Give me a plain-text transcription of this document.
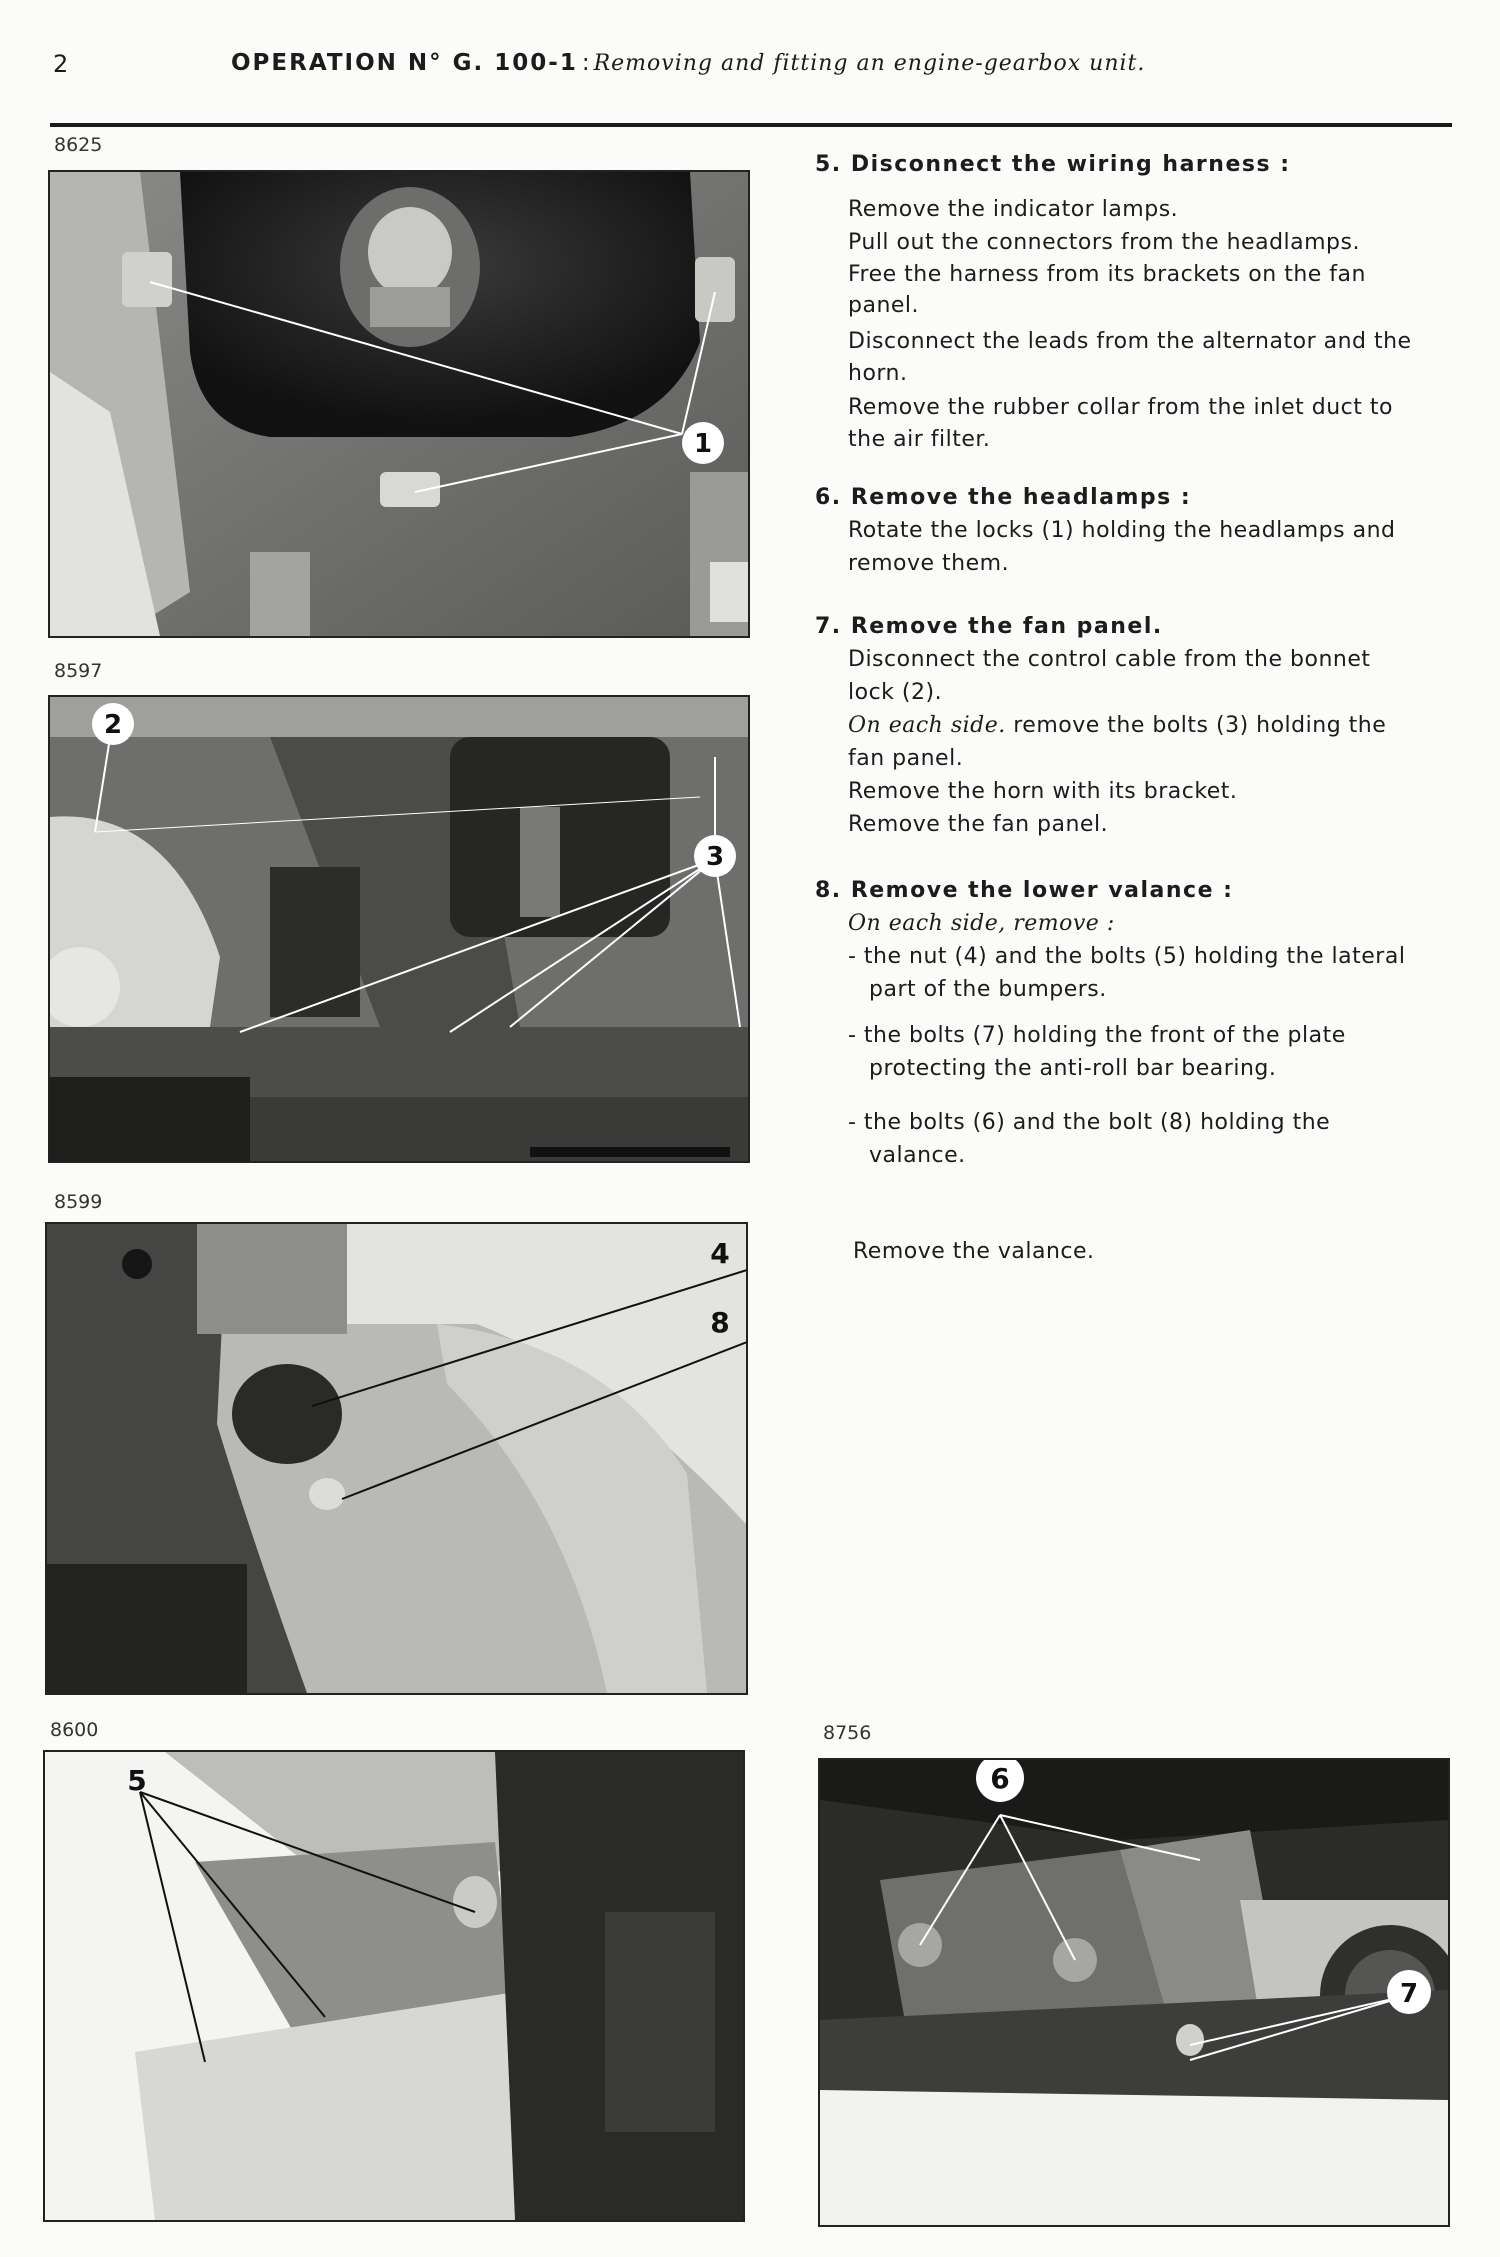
2	OPERATION N° G. 100-1 : Removing and fitting an engine-gearbox unit.
8625
1
8597
2
3
8599
4
8
8600
5
8756
6
7
5. Disconnect the wiring harness :
Remove the indicator lamps.
Pull out the connectors from the headlamps.
Free the harness from its brackets on the fan
panel.
Disconnect the leads from the alternator and the
horn.
Remove the rubber collar from the inlet duct to
the air filter.
6. Remove the headlamps :
Rotate the locks (1) holding the headlamps and
remove them.
7. Remove the fan panel.
Disconnect the control cable from the bonnet
lock (2).
On each side. remove the bolts (3) holding the
fan panel.
Remove the horn with its bracket.
Remove the fan panel.
8. Remove the lower valance :
On each side, remove :
- the nut (4) and the bolts (5) holding the lateral
part of the bumpers.
- the bolts (7) holding the front of the plate
protecting the anti-roll bar bearing.
- the bolts (6) and the bolt (8) holding the
valance.
Remove the valance.
